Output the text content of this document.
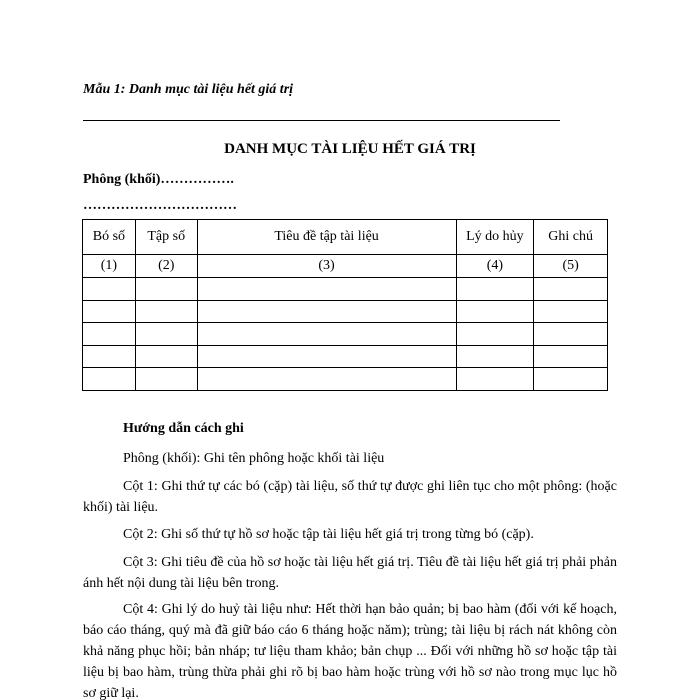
Mẫu 1: Danh mục tài liệu hết giá trị
DANH MỤC TÀI LIỆU HẾT GIÁ TRỊ
Phông (khối)…………….
……………………………
Bó số	Tập số	Tiêu đề tập tài liệu	Lý do hủy	Ghi chú
(1)	(2)	(3)	(4)	(5)

Hướng dẫn cách ghi

Phông (khối): Ghi tên phông hoặc khối tài liệu

Cột 1: Ghi thứ tự các bó (cặp) tài liệu, số thứ tự được ghi liên tục cho một phông: (hoặc khối) tài liệu.

Cột 2: Ghi số thứ tự hồ sơ hoặc tập tài liệu hết giá trị trong từng bó (cặp).

Cột 3: Ghi tiêu đề của hồ sơ hoặc tài liệu hết giá trị. Tiêu đề tài liệu hết giá trị phải phản ánh hết nội dung tài liệu bên trong.

Cột 4: Ghi lý do huỷ tài liệu như: Hết thời hạn bảo quản; bị bao hàm (đối với kế hoạch, báo cáo tháng, quý mà đã giữ báo cáo 6 tháng hoặc năm); trùng; tài liệu bị rách nát không còn khả năng phục hồi; bản nháp; tư liệu tham khảo; bản chụp ... Đối với những hồ sơ hoặc tập tài liệu bị bao hàm, trùng thừa phải ghi rõ bị bao hàm hoặc trùng với hồ sơ nào trong mục lục hồ sơ giữ lại.
